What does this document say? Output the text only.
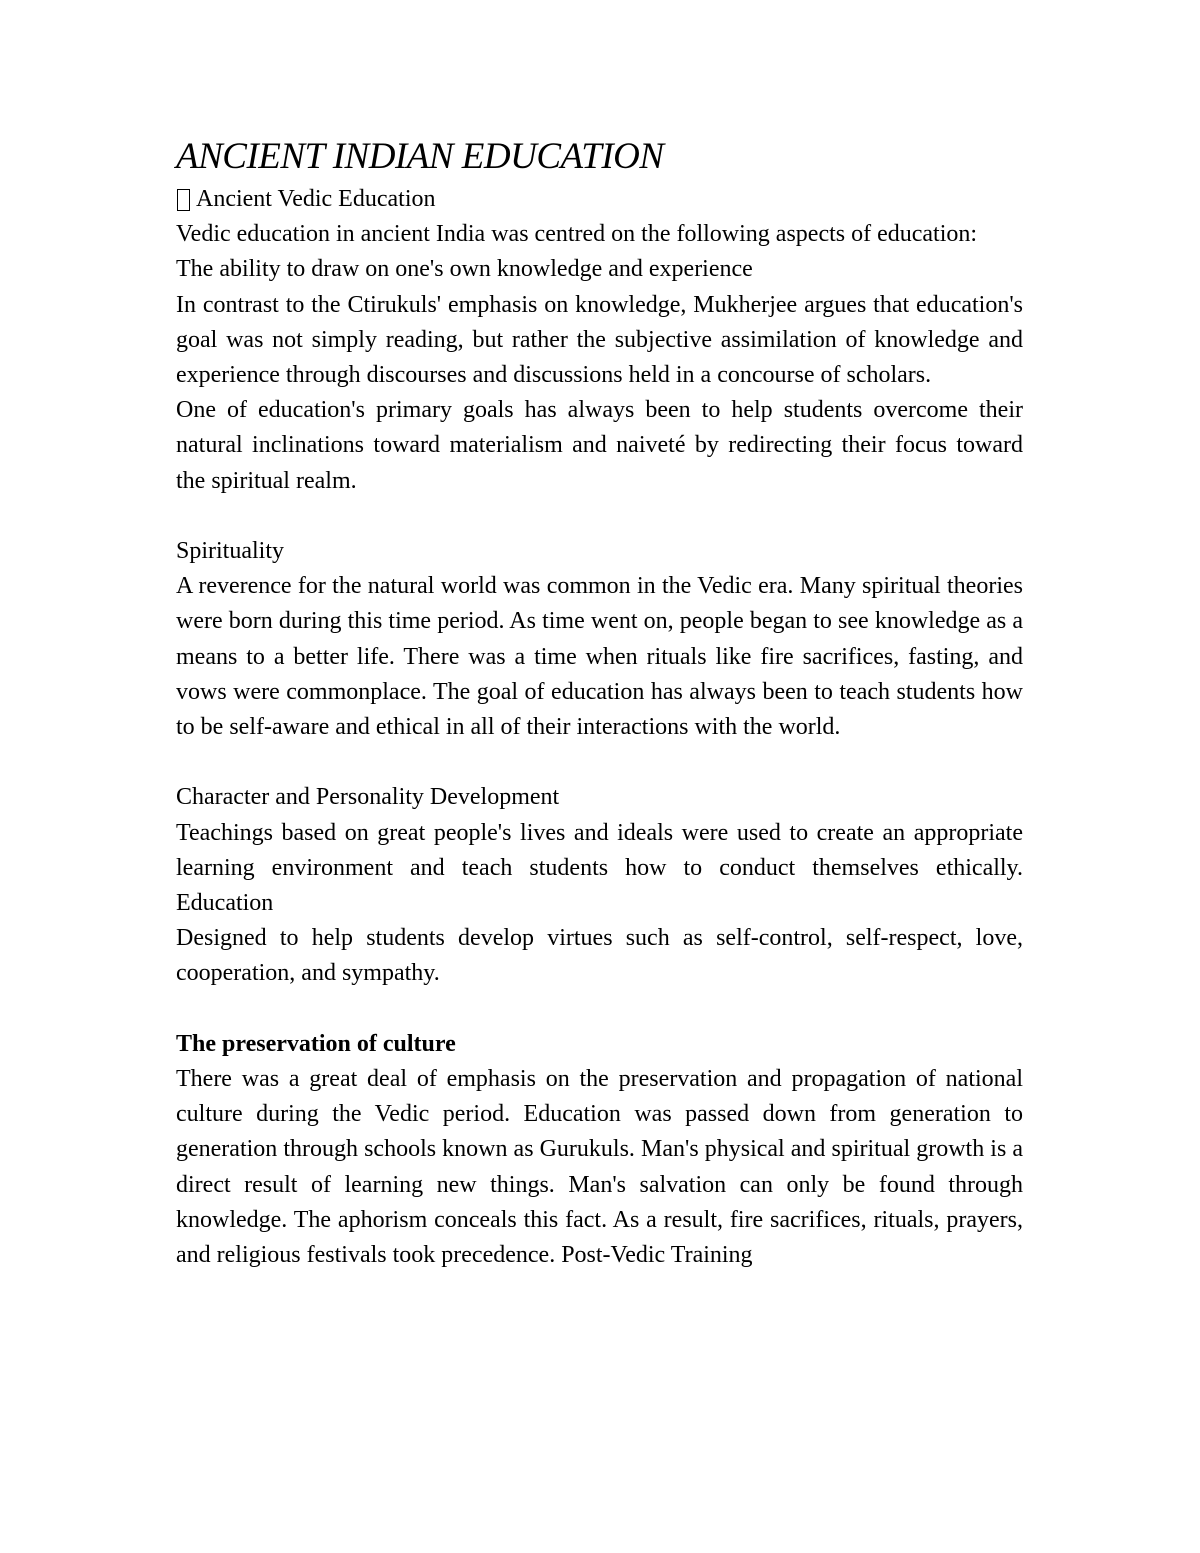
ANCIENT INDIAN EDUCATION

Ancient Vedic Education

Vedic education in ancient India was centred on the following aspects of education:

The ability to draw on one's own knowledge and experience

In contrast to the Ctirukuls' emphasis on knowledge, Mukherjee argues that education's goal was not simply reading, but rather the subjective assimilation of knowledge and experience through discourses and discussions held in a concourse of scholars.

One of education's primary goals has always been to help students overcome their natural inclinations toward materialism and naiveté by redirecting their focus toward the spiritual realm.

Spirituality

A reverence for the natural world was common in the Vedic era. Many spiritual theories were born during this time period. As time went on, people began to see knowledge as a means to a better life. There was a time when rituals like fire sacrifices, fasting, and vows were commonplace. The goal of education has always been to teach students how to be self-aware and ethical in all of their interactions with the world.

Character and Personality Development

Teachings based on great people's lives and ideals were used to create an appropriate learning environment and teach students how to conduct themselves ethically. Education

Designed to help students develop virtues such as self-control, self-respect, love, cooperation, and sympathy.

The preservation of culture

There was a great deal of emphasis on the preservation and propagation of national culture during the Vedic period. Education was passed down from generation to generation through schools known as Gurukuls. Man's physical and spiritual growth is a direct result of learning new things. Man's salvation can only be found through knowledge. The aphorism conceals this fact. As a result, fire sacrifices, rituals, prayers, and religious festivals took precedence. Post-Vedic Training
